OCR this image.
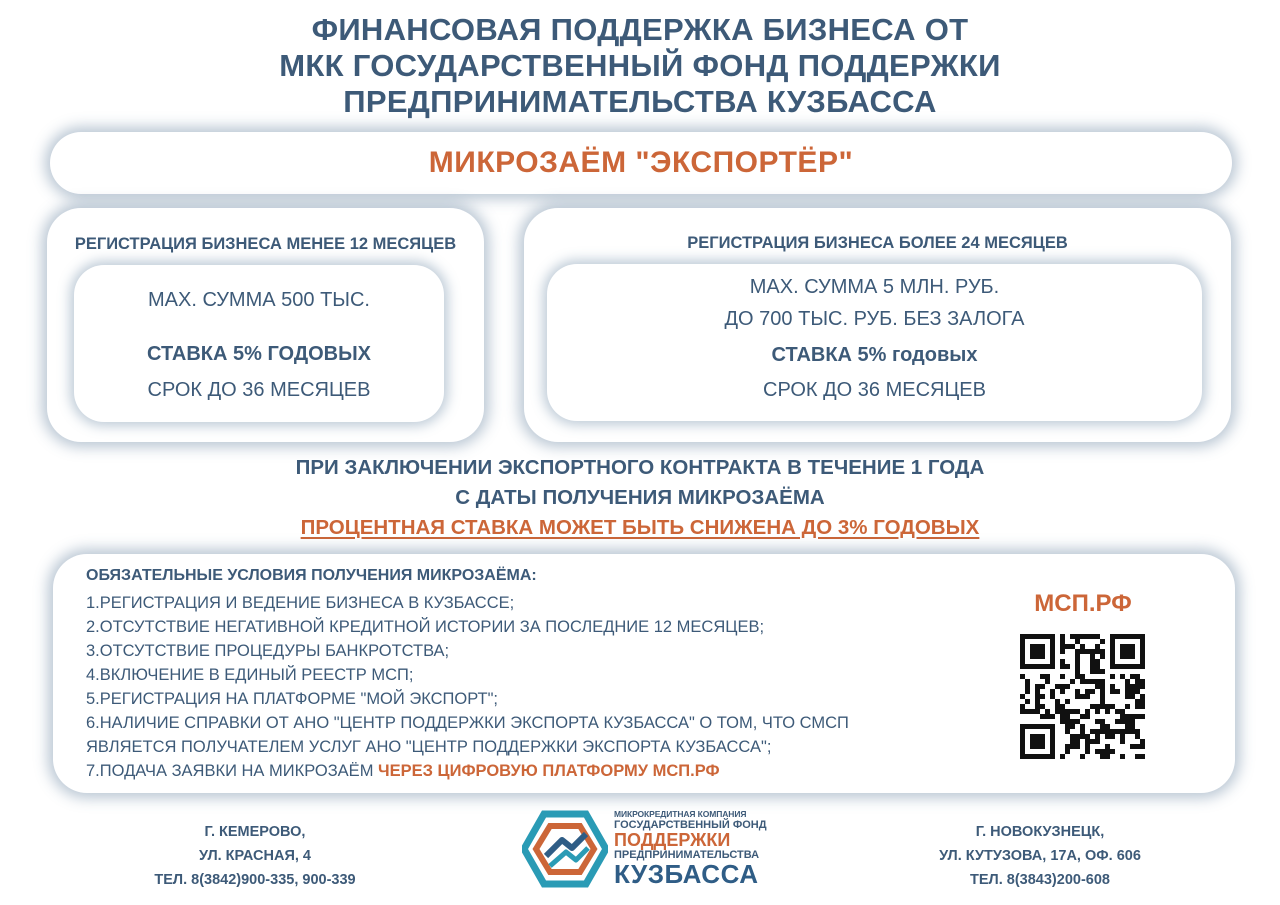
ФИНАНСОВАЯ ПОДДЕРЖКА БИЗНЕСА ОТ
МКК ГОСУДАРСТВЕННЫЙ ФОНД ПОДДЕРЖКИ
ПРЕДПРИНИМАТЕЛЬСТВА КУЗБАССА
МИКРОЗАЁМ "ЭКСПОРТЁР"
РЕГИСТРАЦИЯ БИЗНЕСА МЕНЕЕ 12 МЕСЯЦЕВ
MAX. СУММА 500 ТЫС.
СТАВКА 5% ГОДОВЫХ
СРОК ДО 36 МЕСЯЦЕВ
РЕГИСТРАЦИЯ БИЗНЕСА БОЛЕЕ 24 МЕСЯЦЕВ
MAX. СУММА 5 МЛН. РУБ.
ДО 700 ТЫС. РУБ. БЕЗ ЗАЛОГА
СТАВКА 5% годовых
СРОК ДО 36 МЕСЯЦЕВ
ПРИ ЗАКЛЮЧЕНИИ ЭКСПОРТНОГО КОНТРАКТА В ТЕЧЕНИЕ 1 ГОДА
С ДАТЫ ПОЛУЧЕНИЯ МИКРОЗАЁМА
ПРОЦЕНТНАЯ СТАВКА МОЖЕТ БЫТЬ СНИЖЕНА ДО 3% ГОДОВЫХ
ОБЯЗАТЕЛЬНЫЕ УСЛОВИЯ ПОЛУЧЕНИЯ МИКРОЗАЁМА:
1.РЕГИСТРАЦИЯ И ВЕДЕНИЕ БИЗНЕСА В КУЗБАССЕ;
2.ОТСУТСТВИЕ НЕГАТИВНОЙ КРЕДИТНОЙ ИСТОРИИ ЗА ПОСЛЕДНИЕ 12 МЕСЯЦЕВ;
3.ОТСУТСТВИЕ ПРОЦЕДУРЫ БАНКРОТСТВА;
4.ВКЛЮЧЕНИЕ В ЕДИНЫЙ РЕЕСТР МСП;
5.РЕГИСТРАЦИЯ НА ПЛАТФОРМЕ "МОЙ ЭКСПОРТ";
6.НАЛИЧИЕ СПРАВКИ ОТ АНО "ЦЕНТР ПОДДЕРЖКИ ЭКСПОРТА КУЗБАССА" О ТОМ, ЧТО СМСП
ЯВЛЯЕТСЯ ПОЛУЧАТЕЛЕМ УСЛУГ АНО "ЦЕНТР ПОДДЕРЖКИ ЭКСПОРТА КУЗБАССА";
7.ПОДАЧА ЗАЯВКИ НА МИКРОЗАЁМ ЧЕРЕЗ ЦИФРОВУЮ ПЛАТФОРМУ МСП.РФ
МСП.РФ
Г. КЕМЕРОВО,
УЛ. КРАСНАЯ, 4
ТЕЛ. 8(3842)900-335, 900-339
МИКРОКРЕДИТНАЯ КОМПАНИЯ
ГОСУДАРСТВЕННЫЙ ФОНД
ПОДДЕРЖКИ
ПРЕДПРИНИМАТЕЛЬСТВА
КУЗБАССА
Г. НОВОКУЗНЕЦК,
УЛ. КУТУЗОВА, 17А, ОФ. 606
ТЕЛ. 8(3843)200-608
